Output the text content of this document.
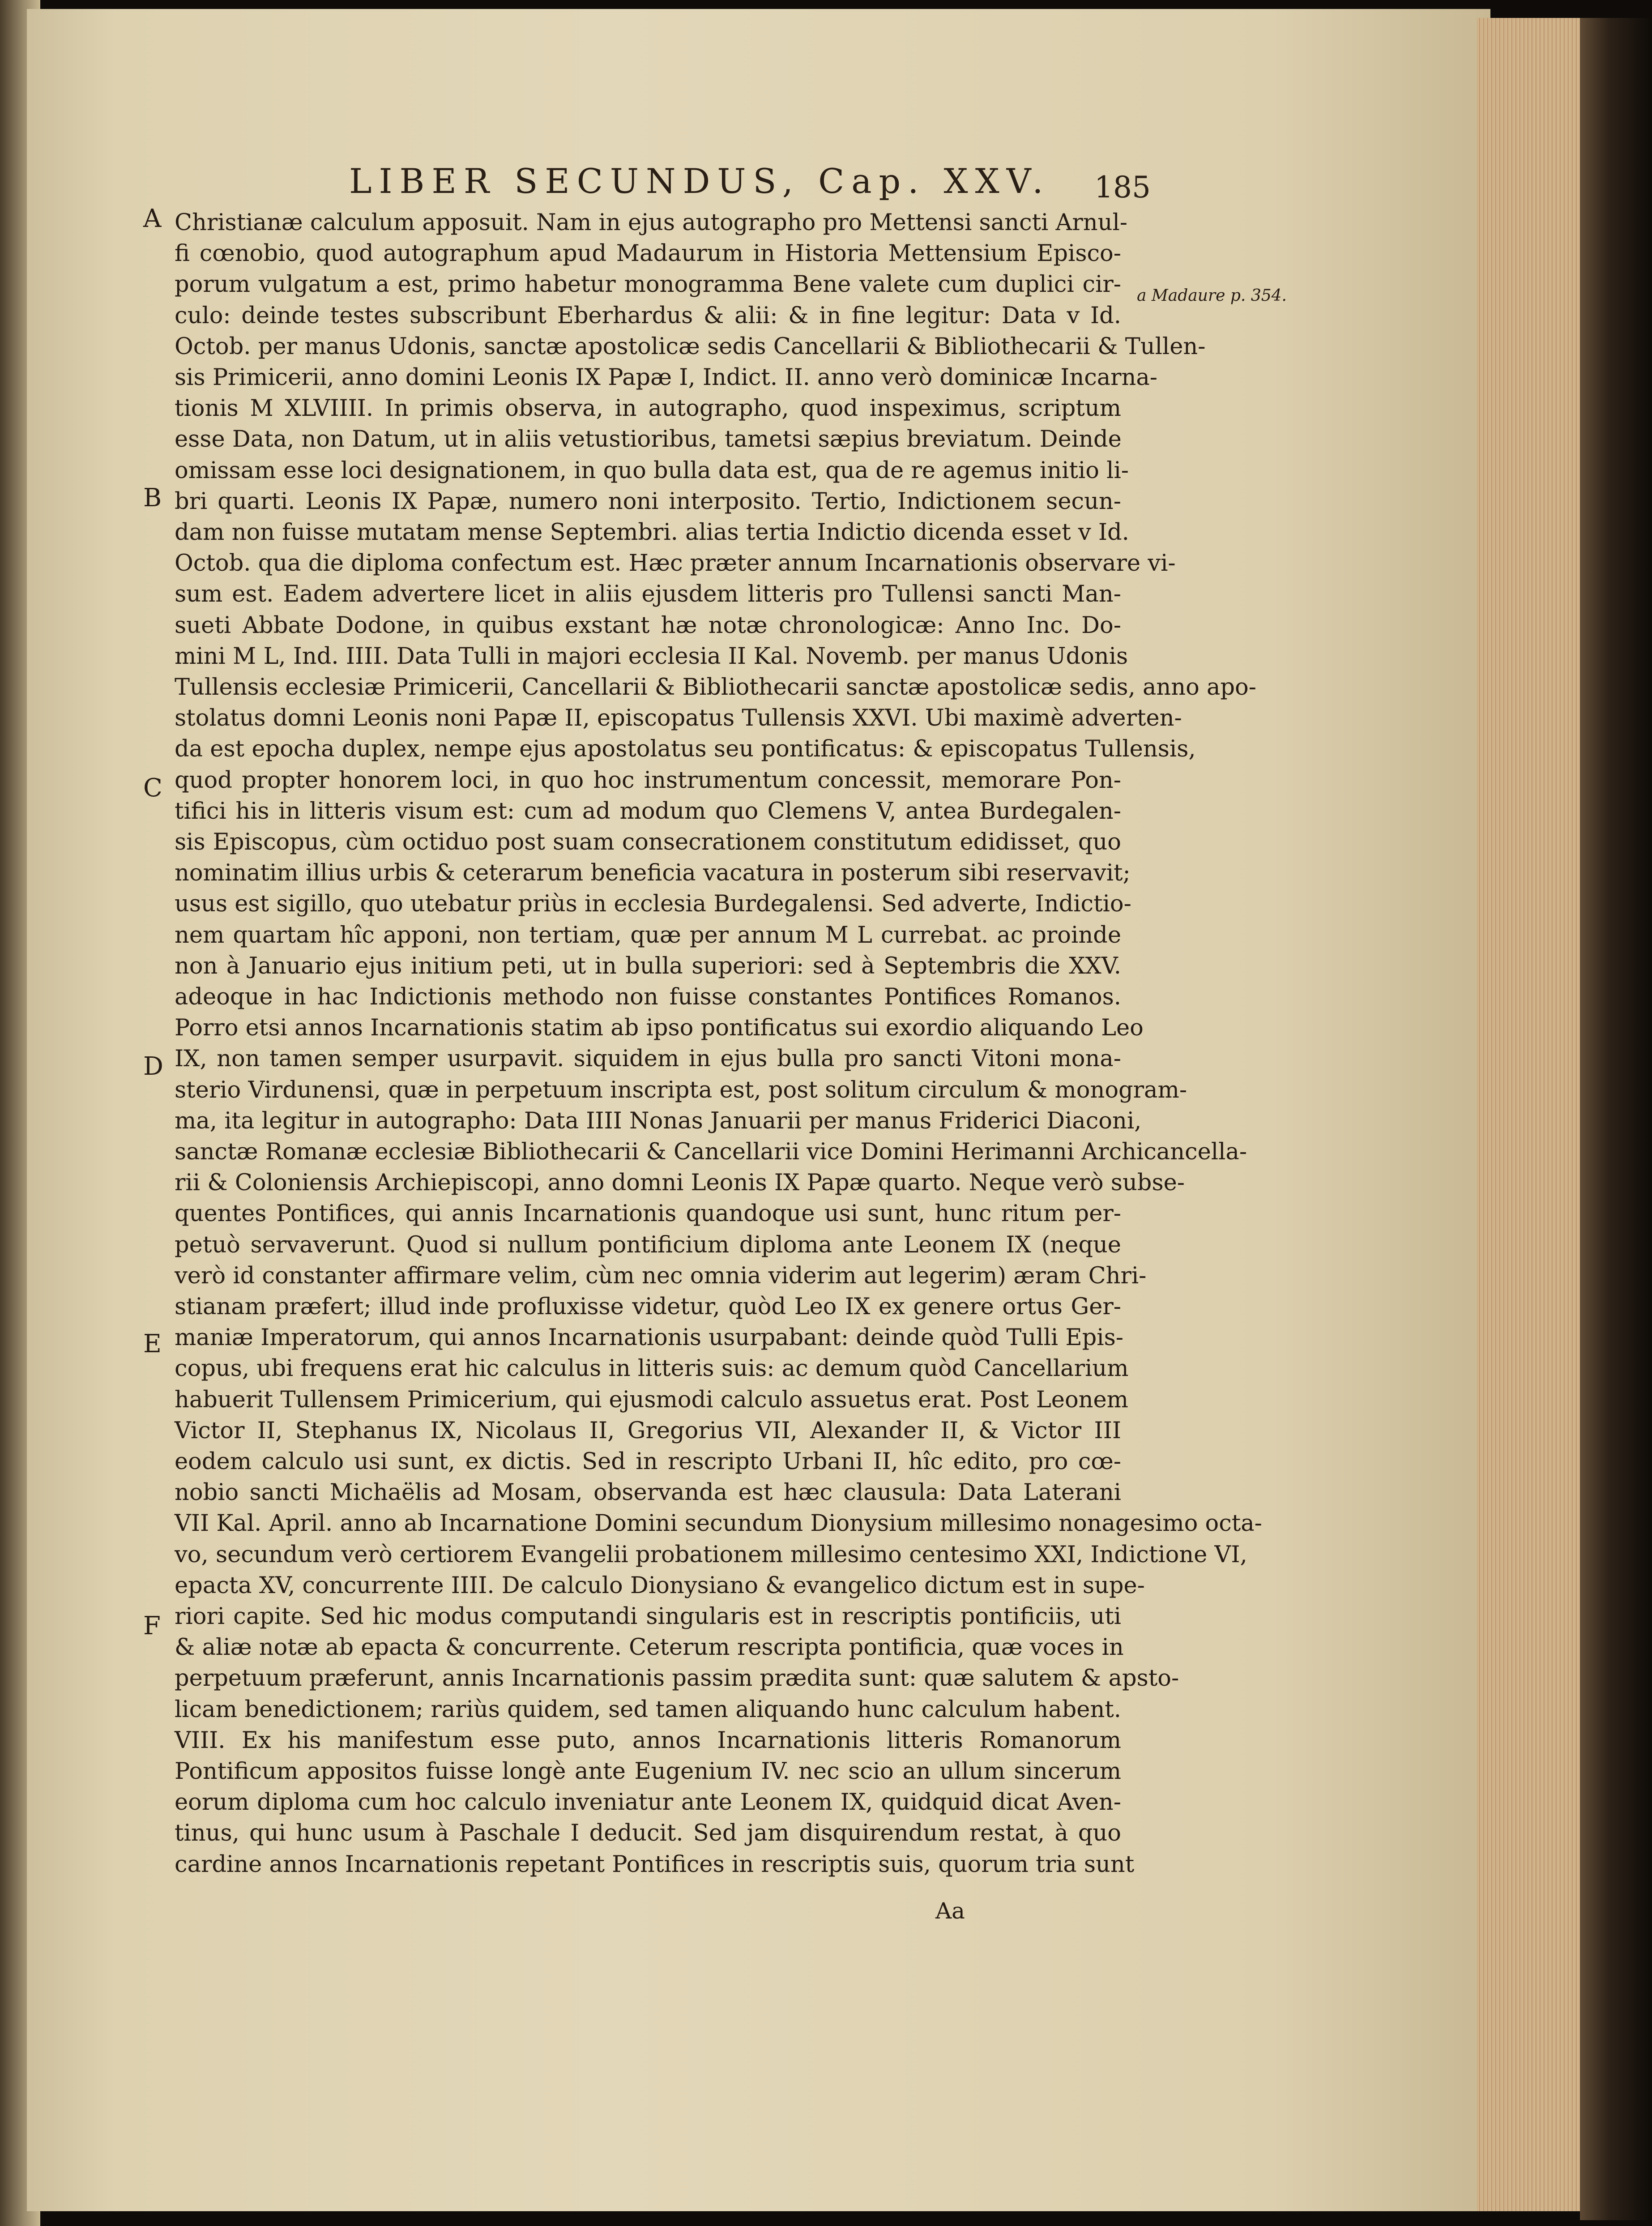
LIBER SECUNDUS, Cap. XXV. 185
a Madaure p. 354.
A
B
C
D
E
F
Christianæ calculum apposuit. Nam in ejus autographo pro Mettensi sancti Arnul-
fi cœnobio, quod autographum apud Madaurum in Historia Mettensium Episco-
porum vulgatum a est, primo habetur monogramma Bene valete cum duplici cir-
culo: deinde testes subscribunt Eberhardus & alii: & in fine legitur: Data v Id.
Octob. per manus Udonis, sanctæ apostolicæ sedis Cancellarii & Bibliothecarii & Tullen-
sis Primicerii, anno domini Leonis IX Papæ I, Indict. II. anno verò dominicæ Incarna-
tionis M XLVIIII. In primis observa, in autographo, quod inspeximus, scriptum
esse Data, non Datum, ut in aliis vetustioribus, tametsi sæpius breviatum. Deinde
omissam esse loci designationem, in quo bulla data est, qua de re agemus initio li-
bri quarti. Leonis IX Papæ, numero noni interposito. Tertio, Indictionem secun-
dam non fuisse mutatam mense Septembri. alias tertia Indictio dicenda esset v Id.
Octob. qua die diploma confectum est. Hæc præter annum Incarnationis observare vi-
sum est. Eadem advertere licet in aliis ejusdem litteris pro Tullensi sancti Man-
sueti Abbate Dodone, in quibus exstant hæ notæ chronologicæ: Anno Inc. Do-
mini M L, Ind. IIII. Data Tulli in majori ecclesia II Kal. Novemb. per manus Udonis
Tullensis ecclesiæ Primicerii, Cancellarii & Bibliothecarii sanctæ apostolicæ sedis, anno apo-
stolatus domni Leonis noni Papæ II, episcopatus Tullensis XXVI. Ubi maximè adverten-
da est epocha duplex, nempe ejus apostolatus seu pontificatus: & episcopatus Tullensis,
quod propter honorem loci, in quo hoc instrumentum concessit, memorare Pon-
tifici his in litteris visum est: cum ad modum quo Clemens V, antea Burdegalen-
sis Episcopus, cùm octiduo post suam consecrationem constitutum edidisset, quo
nominatim illius urbis & ceterarum beneficia vacatura in posterum sibi reservavit;
usus est sigillo, quo utebatur priùs in ecclesia Burdegalensi. Sed adverte, Indictio-
nem quartam hîc apponi, non tertiam, quæ per annum M L currebat. ac proinde
non à Januario ejus initium peti, ut in bulla superiori: sed à Septembris die XXV.
adeoque in hac Indictionis methodo non fuisse constantes Pontifices Romanos.
Porro etsi annos Incarnationis statim ab ipso pontificatus sui exordio aliquando Leo
IX, non tamen semper usurpavit. siquidem in ejus bulla pro sancti Vitoni mona-
sterio Virdunensi, quæ in perpetuum inscripta est, post solitum circulum & monogram-
ma, ita legitur in autographo: Data IIII Nonas Januarii per manus Friderici Diaconi,
sanctæ Romanæ ecclesiæ Bibliothecarii & Cancellarii vice Domini Herimanni Archicancella-
rii & Coloniensis Archiepiscopi, anno domni Leonis IX Papæ quarto. Neque verò subse-
quentes Pontifices, qui annis Incarnationis quandoque usi sunt, hunc ritum per-
petuò servaverunt. Quod si nullum pontificium diploma ante Leonem IX (neque
verò id constanter affirmare velim, cùm nec omnia viderim aut legerim) æram Chri-
stianam præfert; illud inde profluxisse videtur, quòd Leo IX ex genere ortus Ger-
maniæ Imperatorum, qui annos Incarnationis usurpabant: deinde quòd Tulli Epis-
copus, ubi frequens erat hic calculus in litteris suis: ac demum quòd Cancellarium
habuerit Tullensem Primicerium, qui ejusmodi calculo assuetus erat. Post Leonem
Victor II, Stephanus IX, Nicolaus II, Gregorius VII, Alexander II, & Victor III
eodem calculo usi sunt, ex dictis. Sed in rescripto Urbani II, hîc edito, pro cœ-
nobio sancti Michaëlis ad Mosam, observanda est hæc clausula: Data Laterani
VII Kal. April. anno ab Incarnatione Domini secundum Dionysium millesimo nonagesimo octa-
vo, secundum verò certiorem Evangelii probationem millesimo centesimo XXI, Indictione VI,
epacta XV, concurrente IIII. De calculo Dionysiano & evangelico dictum est in supe-
riori capite. Sed hic modus computandi singularis est in rescriptis pontificiis, uti
& aliæ notæ ab epacta & concurrente. Ceterum rescripta pontificia, quæ voces in
perpetuum præferunt, annis Incarnationis passim prædita sunt: quæ salutem & apsto-
licam benedictionem; rariùs quidem, sed tamen aliquando hunc calculum habent.
VIII. Ex his manifestum esse puto, annos Incarnationis litteris Romanorum
Pontificum appositos fuisse longè ante Eugenium IV. nec scio an ullum sincerum
eorum diploma cum hoc calculo inveniatur ante Leonem IX, quidquid dicat Aven-
tinus, qui hunc usum à Paschale I deducit. Sed jam disquirendum restat, à quo
cardine annos Incarnationis repetant Pontifices in rescriptis suis, quorum tria sunt
Aa
